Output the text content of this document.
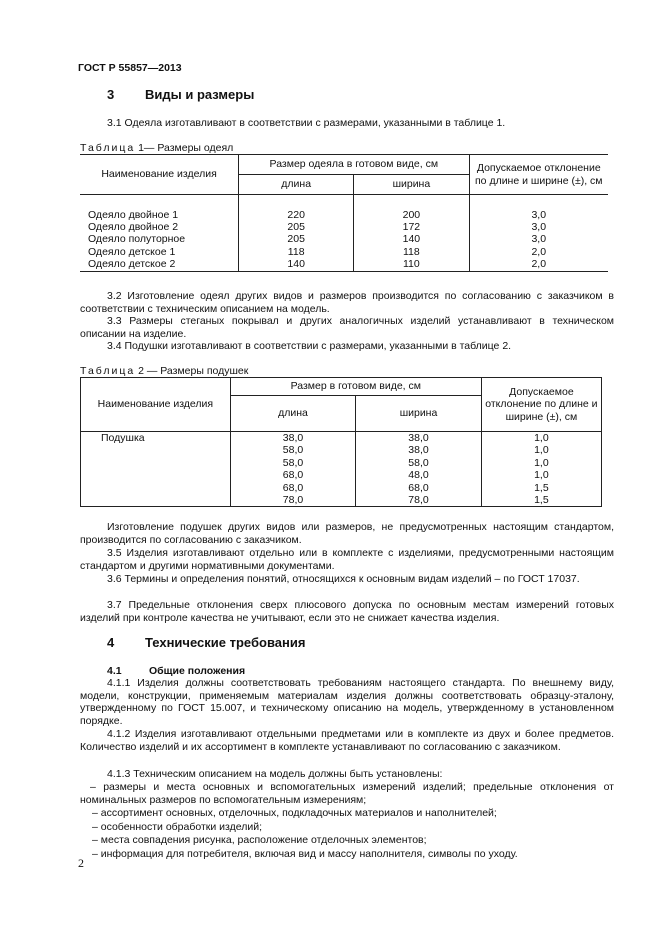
ГОСТ Р 55857—2013
3 Виды и размеры
3.1 Одеяла изготавливают в соответствии с размерами, указанными в таблице 1.
Таблица 1— Размеры одеял
Наименование изделия	Размер одеяла в готовом виде, см		Допускаемое отклонение по длине и ширине (±), см
	длина	ширина	

Одеяло двойное 1	220	200	3,0
Одеяло двойное 2	205	172	3,0
Одеяло полуторное	205	140	3,0
Одеяло детское 1	118	118	2,0
Одеяло детское 2	140	110	2,0
3.2 Изготовление одеял других видов и размеров производится по согласованию с заказчиком в соответствии с техническим описанием на модель.
3.3 Размеры стеганых покрывал и других аналогичных изделий устанавливают в техническом описании на изделие.
3.4 Подушки изготавливают в соответствии с размерами, указанными в таблице 2.
Таблица 2 — Размеры подушек
Наименование изделия	Размер в готовом виде, см		Допускаемое отклонение по длине и ширине (±), см
	длина	ширина	
Подушка	38,0	38,0	1,0
	58,0	38,0	1,0
	58,0	58,0	1,0
	68,0	48,0	1,0
	68,0	68,0	1,5
	78,0	78,0	1,5
Изготовление подушек других видов или размеров, не предусмотренных настоящим стандартом, производится по согласованию с заказчиком.
3.5 Изделия изготавливают отдельно или в комплекте с изделиями, предусмотренными настоящим стандартом и другими нормативными документами.
3.6 Термины и определения понятий, относящихся к основным видам изделий – по ГОСТ 17037.
3.7 Предельные отклонения сверх плюсового допуска по основным местам измерений готовых изделий при контроле качества не учитывают, если это не снижает качества изделия.
4 Технические требования
4.1	Общие положения
4.1.1 Изделия должны соответствовать требованиям настоящего стандарта. По внешнему виду, модели, конструкции, применяемым материалам изделия должны соответствовать образцу-эталону, утвержденному по ГОСТ 15.007, и техническому описанию на модель, утвержденному в установленном порядке.
4.1.2 Изделия изготавливают отдельными предметами или в комплекте из двух и более предметов. Количество изделий и их ассортимент в комплекте устанавливают по согласованию с заказчиком.
4.1.3 Техническим описанием на модель должны быть установлены:
– размеры и места основных и вспомогательных измерений изделий; предельные отклонения от номинальных размеров по вспомогательным измерениям;
– ассортимент основных, отделочных, подкладочных материалов и наполнителей;
– особенности обработки изделий;
– места совпадения рисунка, расположение отделочных элементов;
– информация для потребителя, включая вид и массу наполнителя, символы по уходу.
2
